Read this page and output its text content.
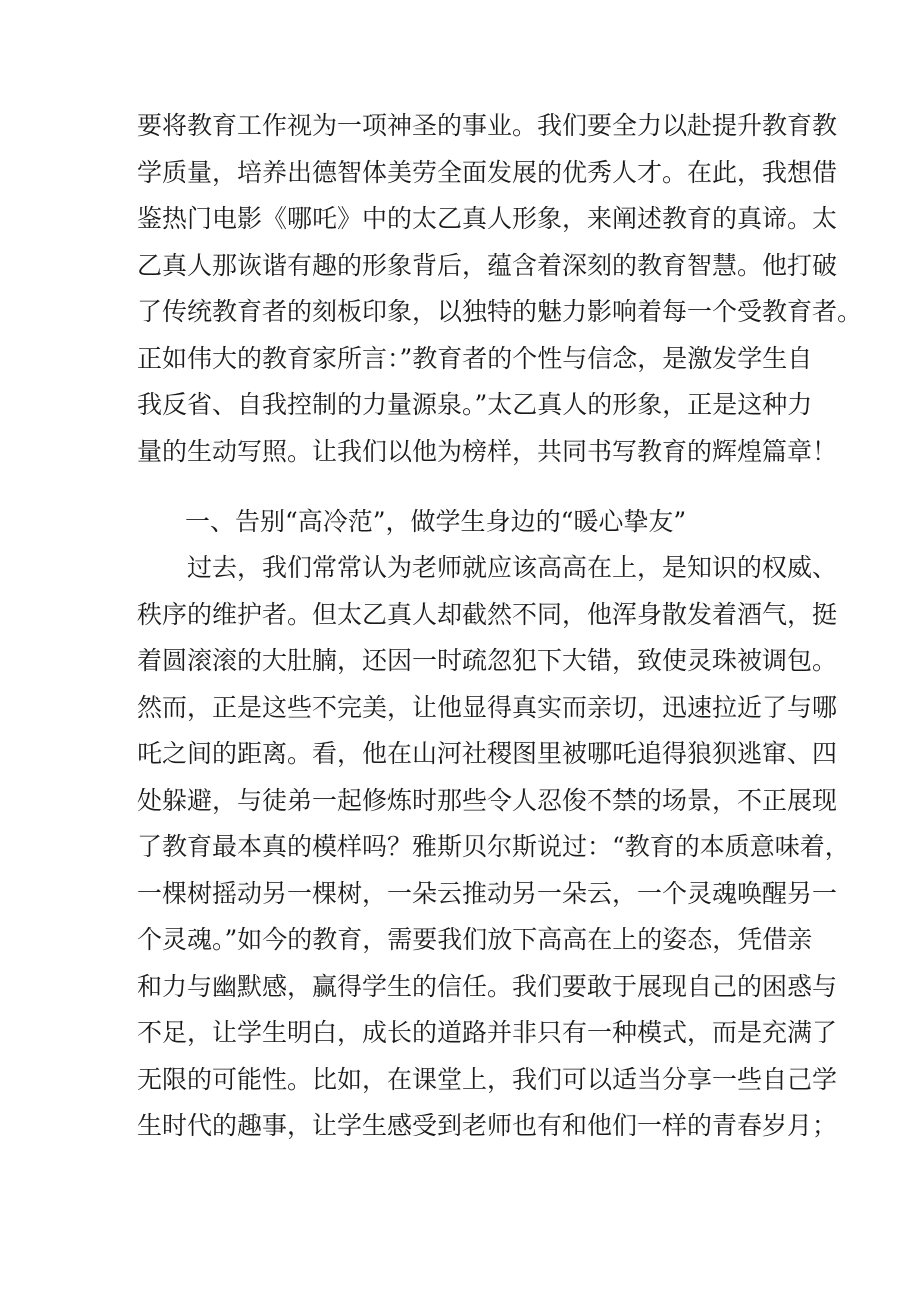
要将教育工作视为一项神圣的事业。我们要全力以赴提升教育教
学质量，培养出德智体美劳全面发展的优秀人才。在此，我想借
鉴热门电影《哪吒》中的太乙真人形象，来阐述教育的真谛。太
乙真人那诙谐有趣的形象背后，蕴含着深刻的教育智慧。他打破
了传统教育者的刻板印象，以独特的魅力影响着每一个受教育者。
正如伟大的教育家所言：”教育者的个性与信念，是激发学生自
我反省、自我控制的力量源泉。”太乙真人的形象，正是这种力
量的生动写照。让我们以他为榜样，共同书写教育的辉煌篇章！
一、告别“高冷范”，做学生身边的“暖心挚友”
过去，我们常常认为老师就应该高高在上，是知识的权威、
秩序的维护者。但太乙真人却截然不同，他浑身散发着酒气，挺
着圆滚滚的大肚腩，还因一时疏忽犯下大错，致使灵珠被调包。
然而，正是这些不完美，让他显得真实而亲切，迅速拉近了与哪
吒之间的距离。看，他在山河社稷图里被哪吒追得狼狈逃窜、四
处躲避，与徒弟一起修炼时那些令人忍俊不禁的场景，不正展现
了教育最本真的模样吗？雅斯贝尔斯说过：“教育的本质意味着，
一棵树摇动另一棵树，一朵云推动另一朵云，一个灵魂唤醒另一
个灵魂。”如今的教育，需要我们放下高高在上的姿态，凭借亲
和力与幽默感，赢得学生的信任。我们要敢于展现自己的困惑与
不足，让学生明白，成长的道路并非只有一种模式，而是充满了
无限的可能性。比如，在课堂上，我们可以适当分享一些自己学
生时代的趣事，让学生感受到老师也有和他们一样的青春岁月；
